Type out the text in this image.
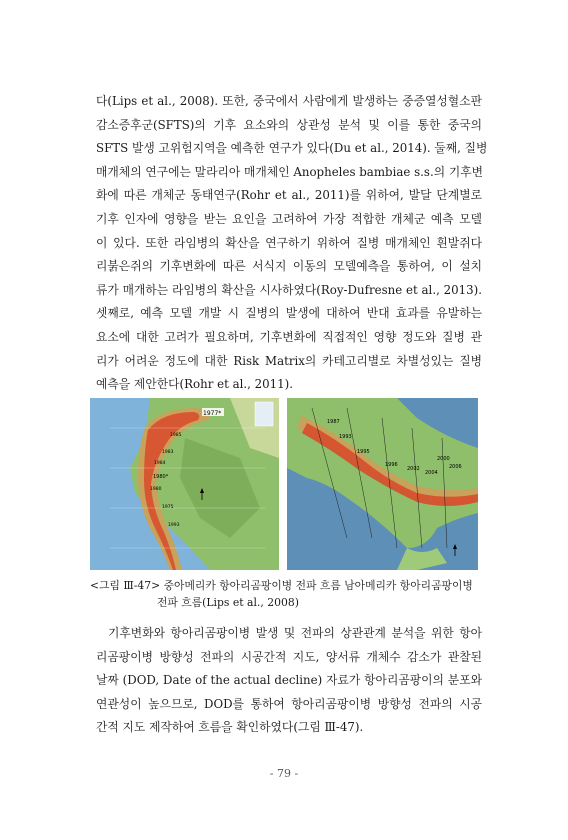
다(Lips et al., 2008). 또한, 중국에서 사람에게 발생하는 중증열성혈소판
감소증후군(SFTS)의 기후 요소와의 상관성 분석 및 이를 통한 중국의
SFTS 발생 고위험지역을 예측한 연구가 있다(Du et al., 2014). 둘째, 질병
매개체의 연구에는 말라리아 매개체인 Anopheles bambiae s.s.의 기후변
화에 따른 개체군 동태연구(Rohr et al., 2011)를 위하여, 발달 단계별로
기후 인자에 영향을 받는 요인을 고려하여 가장 적합한 개체군 예측 모델
이 있다. 또한 라임병의 확산을 연구하기 위하여 질병 매개체인 흰발쥐다
리붉은쥐의 기후변화에 따른 서식지 이동의 모델예측을 통하여, 이 설치
류가 매개하는 라임병의 확산을 시사하였다(Roy-Dufresne et al., 2013).
셋째로, 예측 모델 개발 시 질병의 발생에 대하여 반대 효과를 유발하는
요소에 대한 고려가 필요하며, 기후변화에 직접적인 영향 정도와 질병 관
리가 어려운 정도에 대한 Risk Matrix의 카테고리별로 차별성있는 질병
예측을 제안한다(Rohr et al., 2011).
1977*
1985
1980*
1980
1983
1984
1975
1993
1987
1993
1995
1996
2000
2002
2004
2006
<그림 Ⅲ-47> 중아메리카 항아리곰팡이병 전파 흐름 남아메리카 항아리곰팡이병
전파 흐름(Lips et al., 2008)
기후변화와 항아리곰팡이병 발생 및 전파의 상관관계 분석을 위한 항아
리곰팡이병 방향성 전파의 시공간적 지도, 양서류 개체수 감소가 관찰된
날짜 (DOD, Date of the actual decline) 자료가 항아리곰팡이의 분포와
연관성이 높으므로, DOD를 통하여 항아리곰팡이병 방향성 전파의 시공
간적 지도 제작하여 흐름을 확인하였다(그림 Ⅲ-47).
- 79 -
